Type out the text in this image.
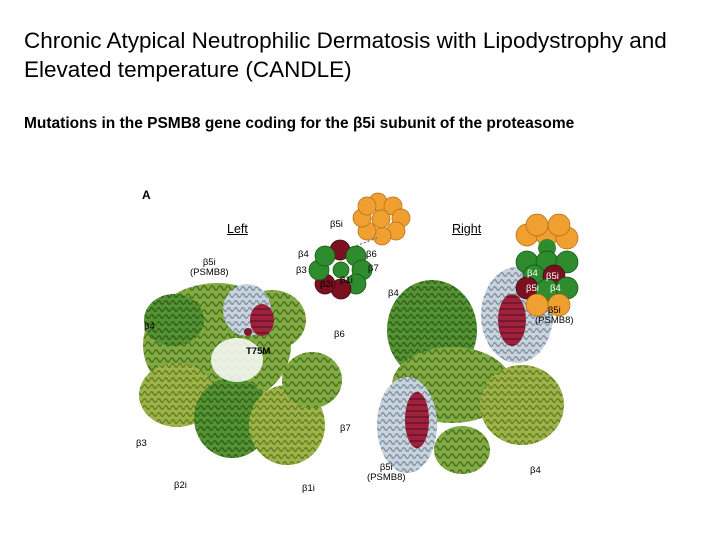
Chronic Atypical Neutrophilic Dermatosis with Lipodystrophy and Elevated temperature (CANDLE)
Mutations in the PSMB8 gene coding for the β5i subunit of the proteasome
A
Left	Right
β5i
β4
β3
β2i β1i
β6
β7	β4 β5i
β5i β4
β5i
(PSMB8)
β4
T75M
β6
β4
β7
β3
β2i	β1i
β5i
(PSMB8)
β5i
(PSMB8)
β4
